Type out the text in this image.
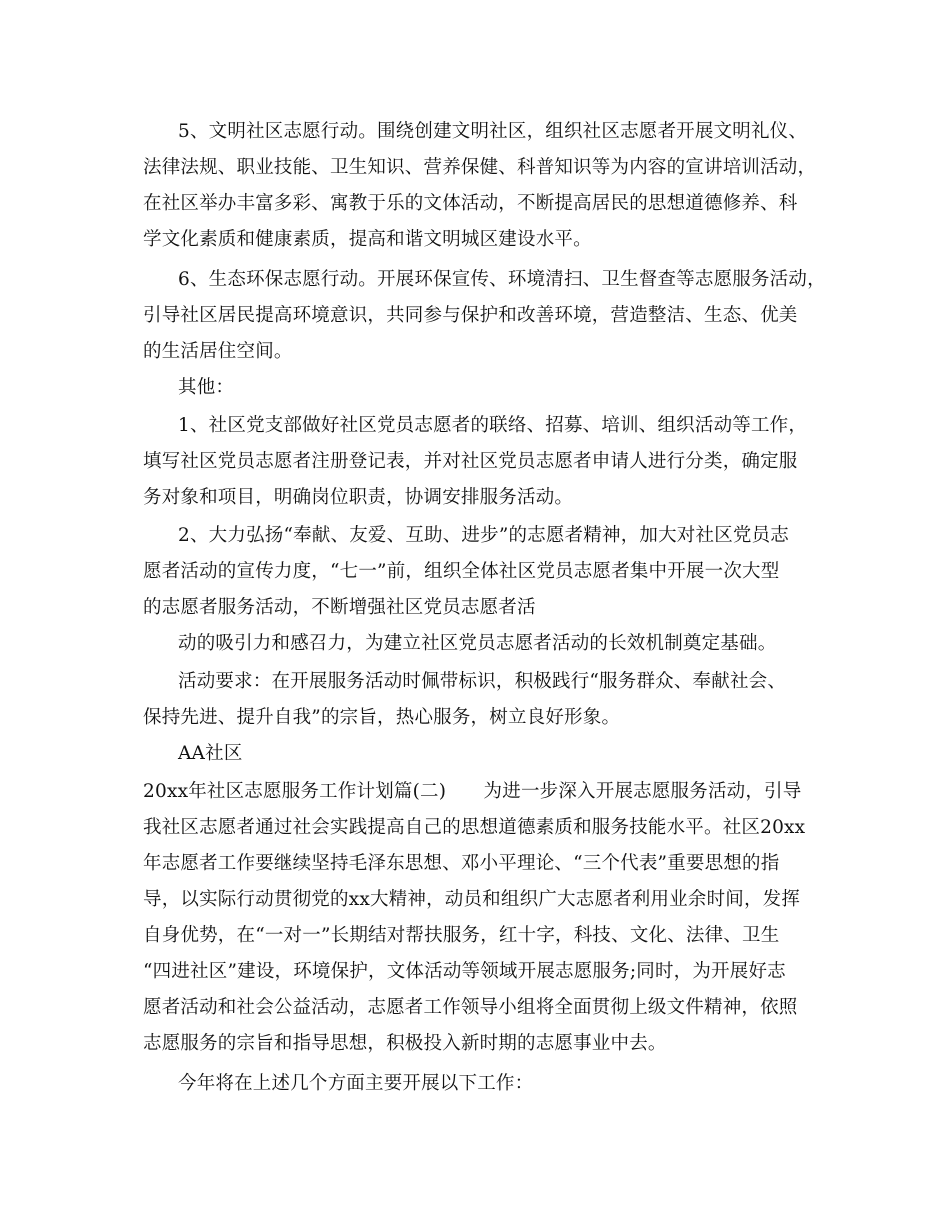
5、文明社区志愿行动。围绕创建文明社区，组织社区志愿者开展文明礼仪、
法律法规、职业技能、卫生知识、营养保健、科普知识等为内容的宣讲培训活动，
在社区举办丰富多彩、寓教于乐的文体活动，不断提高居民的思想道德修养、科
学文化素质和健康素质，提高和谐文明城区建设水平。
6、生态环保志愿行动。开展环保宣传、环境清扫、卫生督查等志愿服务活动，
引导社区居民提高环境意识，共同参与保护和改善环境，营造整洁、生态、优美
的生活居住空间。
其他：
1、社区党支部做好社区党员志愿者的联络、招募、培训、组织活动等工作，
填写社区党员志愿者注册登记表，并对社区党员志愿者申请人进行分类，确定服
务对象和项目，明确岗位职责，协调安排服务活动。
2、大力弘扬“奉献、友爱、互助、进步”的志愿者精神，加大对社区党员志
愿者活动的宣传力度，“七一”前，组织全体社区党员志愿者集中开展一次大型
的志愿者服务活动，不断增强社区党员志愿者活
动的吸引力和感召力，为建立社区党员志愿者活动的长效机制奠定基础。
活动要求：在开展服务活动时佩带标识，积极践行“服务群众、奉献社会、
保持先进、提升自我”的宗旨，热心服务，树立良好形象。
AA社区
20xx年社区志愿服务工作计划篇(二)　　为进一步深入开展志愿服务活动，引导
我社区志愿者通过社会实践提高自己的思想道德素质和服务技能水平。社区20xx
年志愿者工作要继续坚持毛泽东思想、邓小平理论、“三个代表”重要思想的指
导，以实际行动贯彻党的xx大精神，动员和组织广大志愿者利用业余时间，发挥
自身优势，在“一对一”长期结对帮扶服务，红十字，科技、文化、法律、卫生
“四进社区”建设，环境保护，文体活动等领域开展志愿服务;同时，为开展好志
愿者活动和社会公益活动，志愿者工作领导小组将全面贯彻上级文件精神，依照
志愿服务的宗旨和指导思想，积极投入新时期的志愿事业中去。
今年将在上述几个方面主要开展以下工作：
